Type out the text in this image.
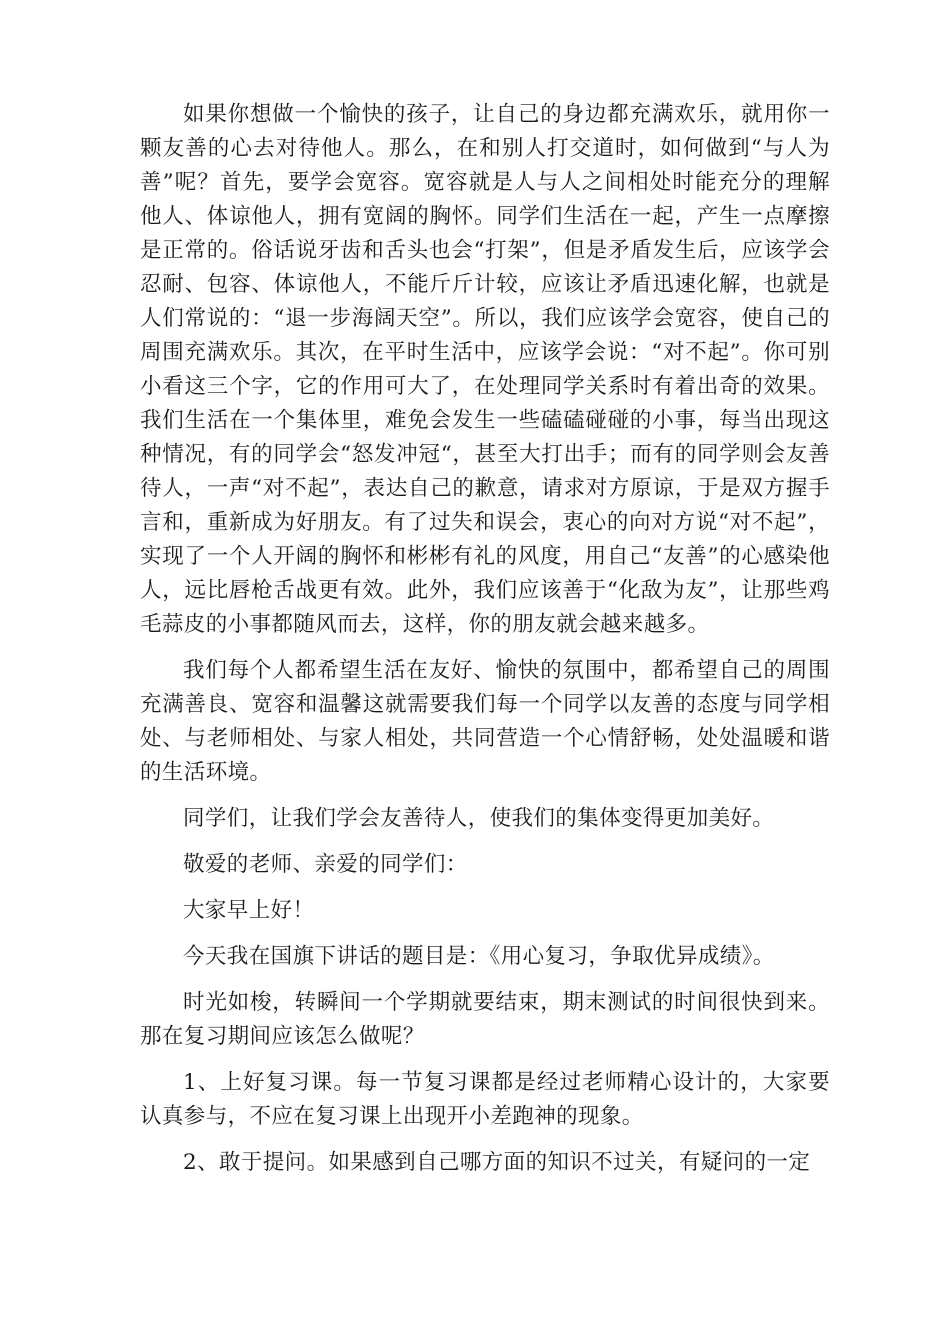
如果你想做一个愉快的孩子，让自己的身边都充满欢乐，就用你一颗友善的心去对待他人。那么，在和别人打交道时，如何做到“与人为善”呢？首先，要学会宽容。宽容就是人与人之间相处时能充分的理解他人、体谅他人，拥有宽阔的胸怀。同学们生活在一起，产生一点摩擦是正常的。俗话说牙齿和舌头也会“打架”，但是矛盾发生后，应该学会忍耐、包容、体谅他人，不能斤斤计较，应该让矛盾迅速化解，也就是人们常说的：“退一步海阔天空”。所以，我们应该学会宽容，使自己的周围充满欢乐。其次，在平时生活中，应该学会说：“对不起”。你可别小看这三个字，它的作用可大了，在处理同学关系时有着出奇的效果。我们生活在一个集体里，难免会发生一些磕磕碰碰的小事，每当出现这种情况，有的同学会“怒发冲冠“，甚至大打出手；而有的同学则会友善待人，一声“对不起”，表达自己的歉意，请求对方原谅，于是双方握手言和，重新成为好朋友。有了过失和误会，衷心的向对方说“对不起”，实现了一个人开阔的胸怀和彬彬有礼的风度，用自己“友善”的心感染他人，远比唇枪舌战更有效。此外，我们应该善于“化敌为友”，让那些鸡毛蒜皮的小事都随风而去，这样，你的朋友就会越来越多。

我们每个人都希望生活在友好、愉快的氛围中，都希望自己的周围充满善良、宽容和温馨这就需要我们每一个同学以友善的态度与同学相处、与老师相处、与家人相处，共同营造一个心情舒畅，处处温暖和谐的生活环境。

同学们，让我们学会友善待人，使我们的集体变得更加美好。

敬爱的老师、亲爱的同学们：

大家早上好！

今天我在国旗下讲话的题目是：《用心复习，争取优异成绩》。

时光如梭，转瞬间一个学期就要结束，期末测试的时间很快到来。那在复习期间应该怎么做呢？

1、上好复习课。每一节复习课都是经过老师精心设计的，大家要认真参与，不应在复习课上出现开小差跑神的现象。

2、敢于提问。如果感到自己哪方面的知识不过关，有疑问的一定
